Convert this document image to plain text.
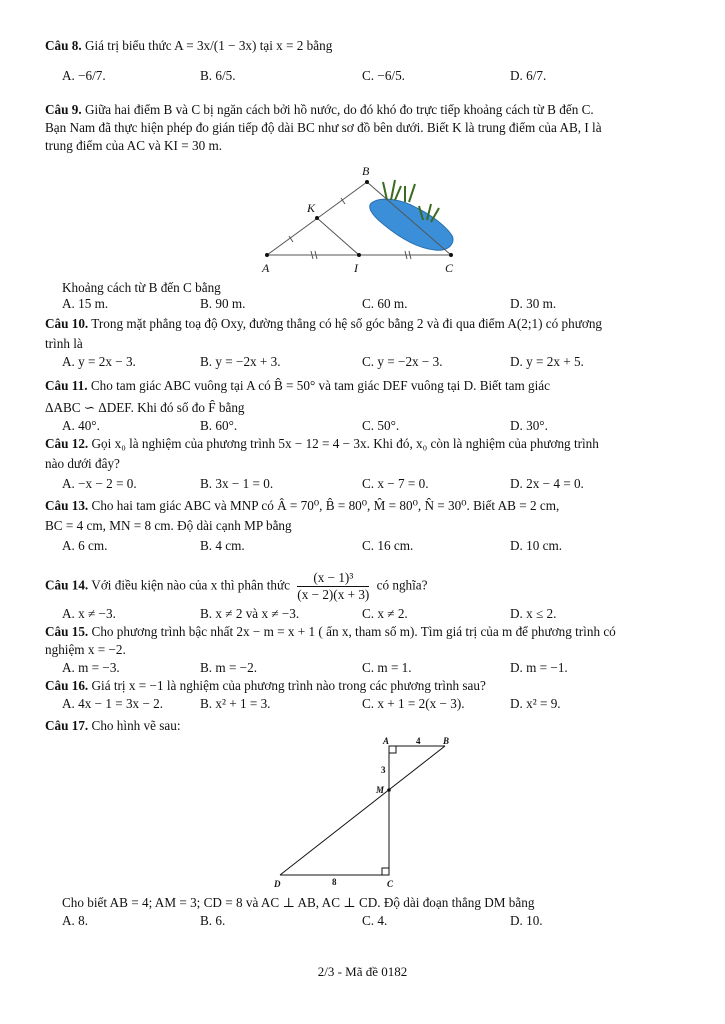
Câu 8. Giá trị biểu thức A = 3x/(1 − 3x) tại x = 2 bằng
A. −6/7.	B. 6/5.	C. −6/5.	D. 6/7.
Câu 9. Giữa hai điểm B và C bị ngăn cách bởi hồ nước, do đó khó đo trực tiếp khoảng cách từ B đến C.
Bạn Nam đã thực hiện phép đo gián tiếp độ dài BC như sơ đồ bên dưới. Biết K là trung điểm của AB, I là
trung điểm của AC và KI = 30 m.
A
B
C
I
K
Khoảng cách từ B đến C bằng
A. 15 m.	B. 90 m.	C. 60 m.	D. 30 m.
Câu 10. Trong mặt phẳng toạ độ Oxy, đường thẳng có hệ số góc bằng 2 và đi qua điểm A(2;1) có phương
trình là
A. y = 2x − 3.	B. y = −2x + 3.	C. y = −2x − 3.	D. y = 2x + 5.
Câu 11. Cho tam giác ABC vuông tại A có B̂ = 50° và tam giác DEF vuông tại D. Biết tam giác
ΔABC ∽ ΔDEF. Khi đó số đo F̂ bằng
A. 40°.	B. 60°.	C. 50°.	D. 30°.
Câu 12. Gọi x₀ là nghiệm của phương trình 5x − 12 = 4 − 3x. Khi đó, x₀ còn là nghiệm của phương trình
nào dưới đây?
A. −x − 2 = 0.	B. 3x − 1 = 0.	C. x − 7 = 0.	D. 2x − 4 = 0.
Câu 13. Cho hai tam giác ABC và MNP có Â = 70⁰, B̂ = 80⁰, M̂ = 80⁰, N̂ = 30⁰. Biết AB = 2 cm,
BC = 4 cm, MN = 8 cm. Độ dài cạnh MP bằng
A. 6 cm.	B. 4 cm.	C. 16 cm.	D. 10 cm.
Câu 14. Với điều kiện nào của x thì phân thức $\frac{\text{(x − 1)³}}{(x - 2)(x + 3)}$ có nghĩa?
A. x ≠ −3.	B. x ≠ 2 và x ≠ −3.	C. x ≠ 2.	D. x ≤ 2.
Câu 15. Cho phương trình bậc nhất 2x − m = x + 1 ( ẩn x, tham số m). Tìm giá trị của m để phương trình có
nghiệm x = −2.
A. m = −3.	B. m = −2.	C. m = 1.	D. m = −1.
Câu 16. Giá trị x = −1 là nghiệm của phương trình nào trong các phương trình sau?
A. 4x − 1 = 3x − 2.	B. x² + 1 = 3.	C. x + 1 = 2(x − 3).	D. x² = 9.
Câu 17. Cho hình vẽ sau:
A	B
C
D
M
4
3
8
Cho biết AB = 4; AM = 3; CD = 8 và AC ⊥ AB, AC ⊥ CD. Độ dài đoạn thẳng DM bằng
A. 8.	B. 6.	C. 4.	D. 10.
2/3 - Mã đề 0182
